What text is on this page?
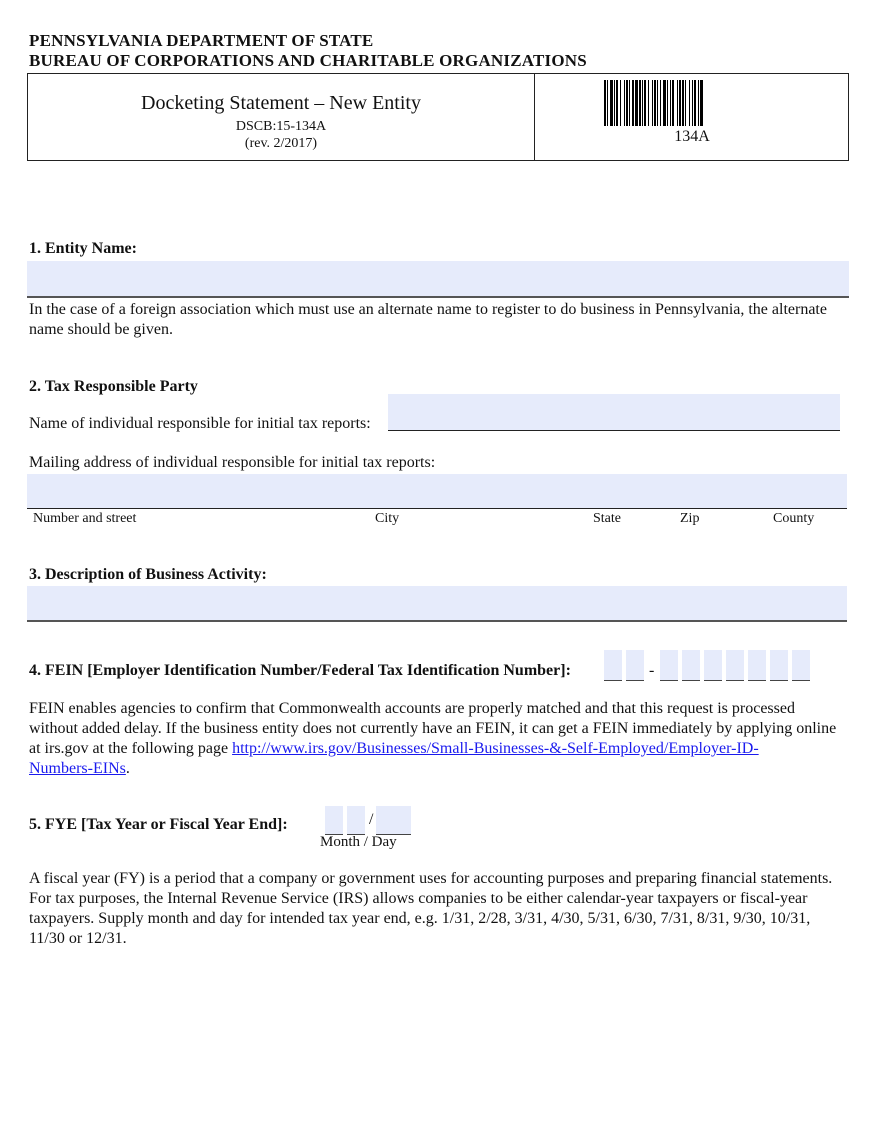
PENNSYLVANIA DEPARTMENT OF STATE
BUREAU OF CORPORATIONS AND CHARITABLE ORGANIZATIONS
Docketing Statement – New Entity
DSCB:15-134A
(rev. 2/2017)	134A
1. Entity Name:
In the case of a foreign association which must use an alternate name to register to do business in Pennsylvania, the alternate name should be given.
2. Tax Responsible Party
Name of individual responsible for initial tax reports:
Mailing address of individual responsible for initial tax reports:
Number and street	City	State	Zip	County
3. Description of Business Activity:
4. FEIN [Employer Identification Number/Federal Tax Identification Number]:	-
FEIN enables agencies to confirm that Commonwealth accounts are properly matched and that this request is processed without added delay. If the business entity does not currently have an FEIN, it can get a FEIN immediately by applying online at irs.gov at the following page http://www.irs.gov/Businesses/Small-Businesses-&-Self-Employed/Employer-ID-
Numbers-EINs.
5. FYE [Tax Year or Fiscal Year End]:	/
Month / Day
A fiscal year (FY) is a period that a company or government uses for accounting purposes and preparing financial statements. For tax purposes, the Internal Revenue Service (IRS) allows companies to be either calendar-year taxpayers or fiscal-year taxpayers. Supply month and day for intended tax year end, e.g. 1/31, 2/28, 3/31, 4/30, 5/31, 6/30, 7/31, 8/31, 9/30, 10/31, 11/30 or 12/31.
